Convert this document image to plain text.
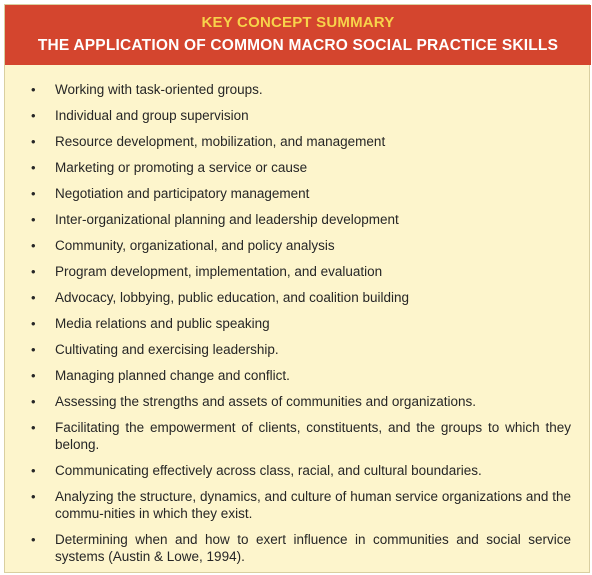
KEY CONCEPT SUMMARY
THE APPLICATION OF COMMON MACRO SOCIAL PRACTICE SKILLS
• Working with task-oriented groups.
• Individual and group supervision
• Resource development, mobilization, and management
• Marketing or promoting a service or cause
• Negotiation and participatory management
• Inter-organizational planning and leadership development
• Community, organizational, and policy analysis
• Program development, implementation, and evaluation
• Advocacy, lobbying, public education, and coalition building
• Media relations and public speaking
• Cultivating and exercising leadership.
• Managing planned change and conflict.
• Assessing the strengths and assets of communities and organizations.
• Facilitating the empowerment of clients, constituents, and the groups to which they belong.
• Communicating effectively across class, racial, and cultural boundaries.
• Analyzing the structure, dynamics, and culture of human service organizations and the commu-nities in which they exist.
• Determining when and how to exert influence in communities and social service systems (Austin & Lowe, 1994).
